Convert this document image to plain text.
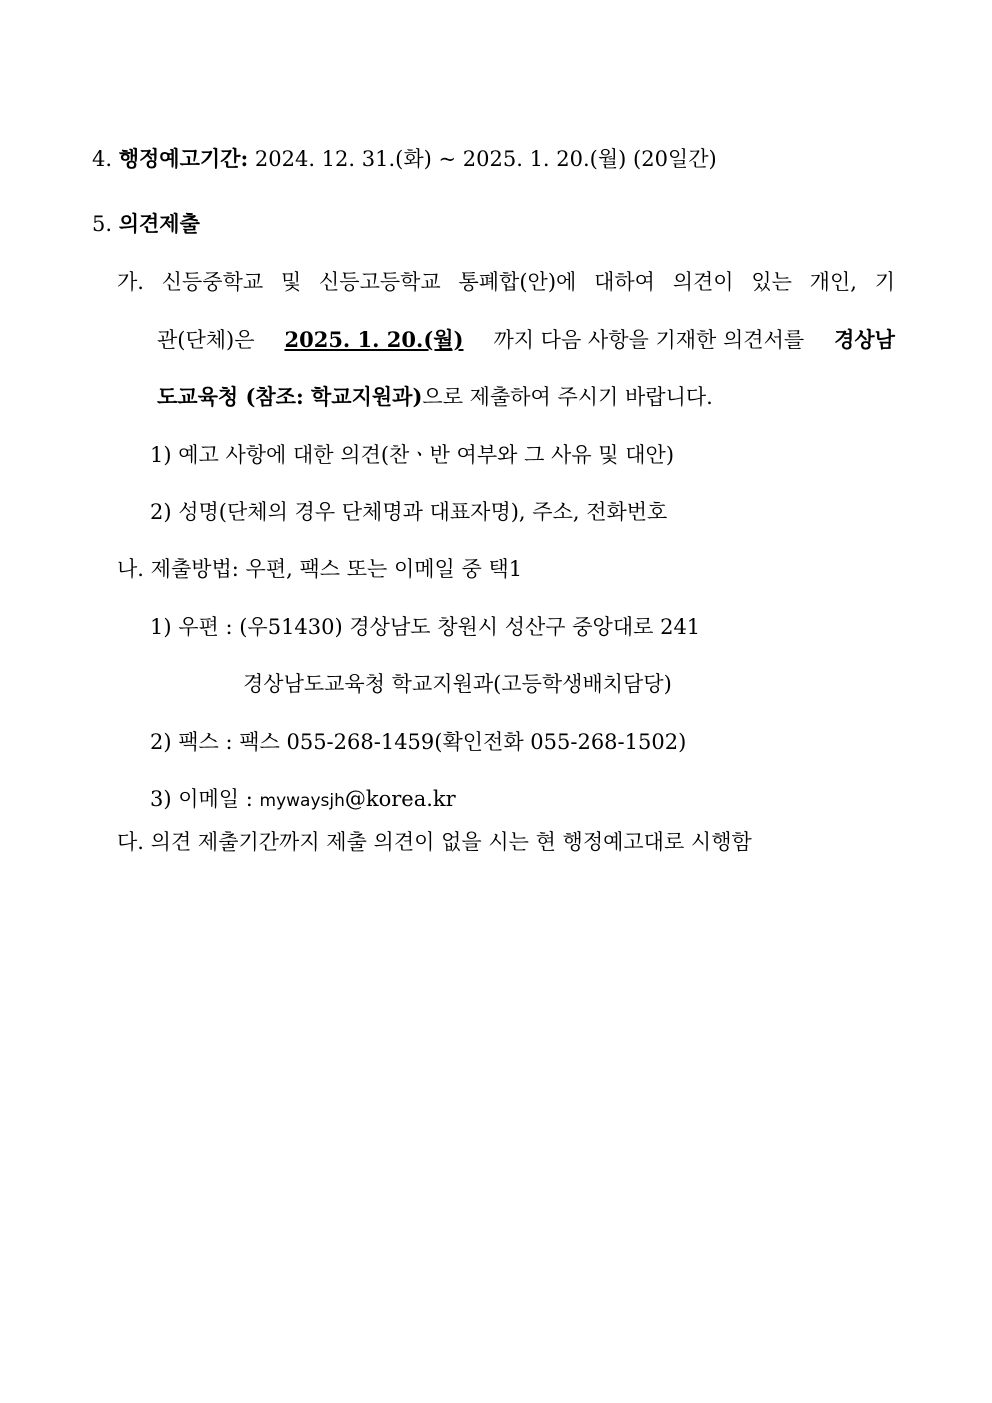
4. 행정예고기간: 2024. 12. 31.(화) ~ 2025. 1. 20.(월) (20일간)
5. 의견제출
가. 신등중학교 및 신등고등학교 통폐합(안)에 대하여 의견이 있는 개인, 기
관(단체)은 2025. 1. 20.(월) 까지 다음 사항을 기재한 의견서를 경상남
도교육청 (참조: 학교지원과)으로 제출하여 주시기 바랍니다.
1) 예고 사항에 대한 의견(찬ㆍ반 여부와 그 사유 및 대안)
2) 성명(단체의 경우 단체명과 대표자명), 주소, 전화번호
나. 제출방법: 우편, 팩스 또는 이메일 중 택1
1) 우편 : (우51430) 경상남도 창원시 성산구 중앙대로 241
경상남도교육청 학교지원과(고등학생배치담당)
2) 팩스 : 팩스 055-268-1459(확인전화 055-268-1502)
3) 이메일 : mywaysjh@korea.kr
다. 의견 제출기간까지 제출 의견이 없을 시는 현 행정예고대로 시행함
